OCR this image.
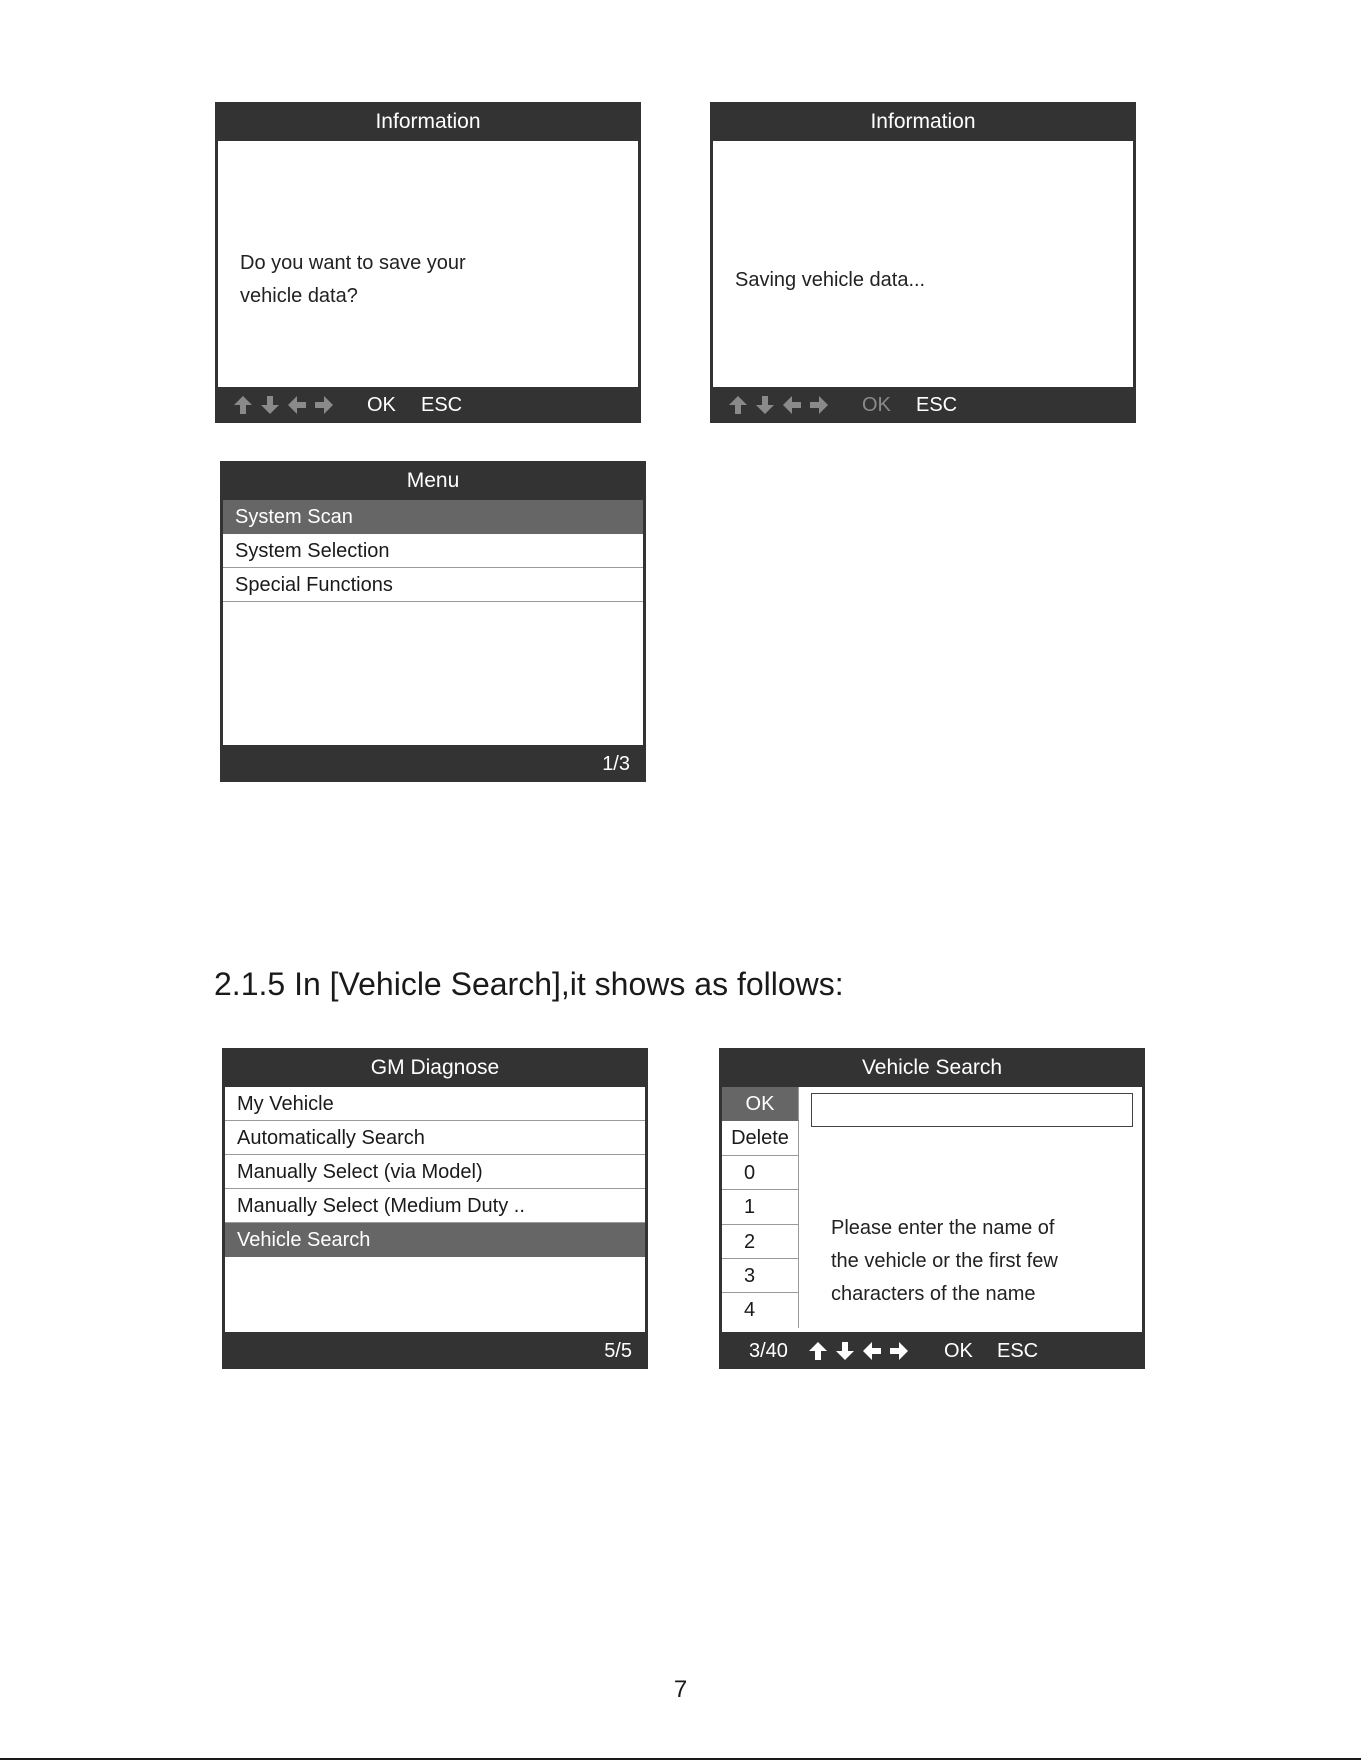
Information
Do you want to save your
vehicle data?
OK ESC
Information
Saving vehicle data...
OK ESC
Menu
System Scan
System Selection
Special Functions
1/3
2.1.5 In [Vehicle Search],it shows as follows:
GM Diagnose
My Vehicle
Automatically Search
Manually Select (via Model)
Manually Select (Medium Duty ..
Vehicle Search
5/5
Vehicle Search
OK
Delete
0
1
2
3
4
Please enter the name of
the vehicle or the first few
characters of the name
3/40	OK ESC
7
